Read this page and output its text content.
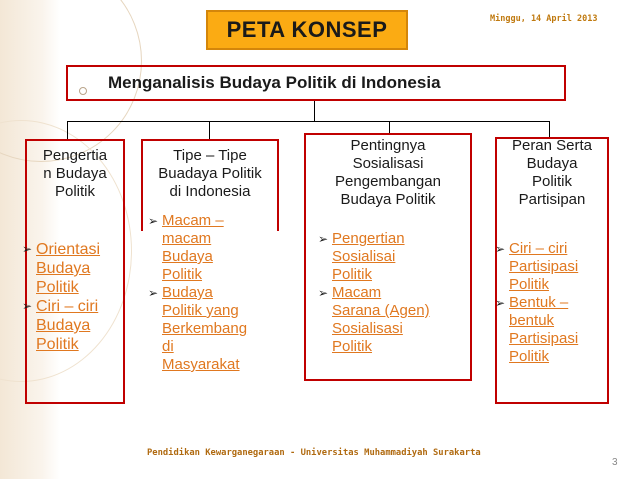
PETA KONSEP	Minggu, 14 April 2013
Menganalisis Budaya Politik di Indonesia
Pengertia
n Budaya
Politik
➢ Orientasi
Budaya
Politik
➢ Ciri – ciri
Budaya
Politik
Tipe – Tipe
Buadaya Politik
di Indonesia
➢ Macam –
macam
Budaya
Politik
➢ Budaya
Politik yang
Berkembang
di
Masyarakat
Pentingnya
Sosialisasi
Pengembangan
Budaya Politik
➢ Pengertian
Sosialisai
Politik
➢ Macam
Sarana (Agen)
Sosialisasi
Politik
Peran Serta
Budaya
Politik
Partisipan
➢ Ciri – ciri
Partisipasi
Politik
➢ Bentuk –
bentuk
Partisipasi
Politik
Pendidikan Kewarganegaraan - Universitas Muhammadiyah Surakarta
3
